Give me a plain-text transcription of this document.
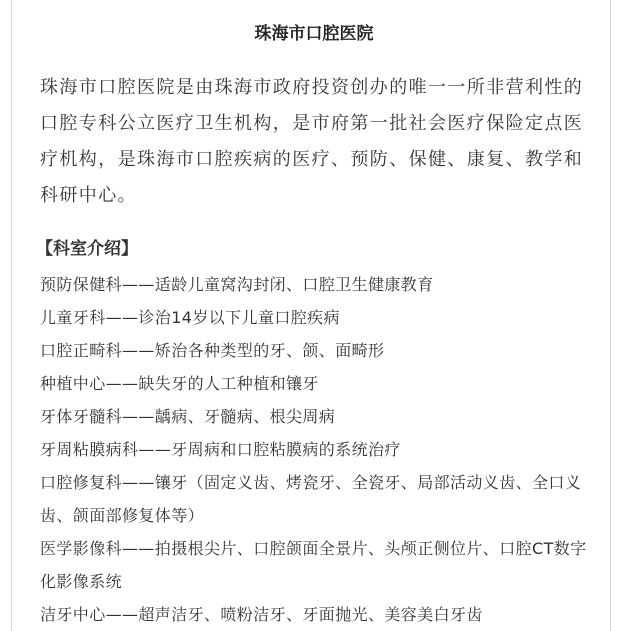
珠海市口腔医院

珠海市口腔医院是由珠海市政府投资创办的唯一一所非营利性的口腔专科公立医疗卫生机构，是市府第一批社会医疗保险定点医疗机构，是珠海市口腔疾病的医疗、预防、保健、康复、教学和科研中心。

【科室介绍】
预防保健科——适龄儿童窝沟封闭、口腔卫生健康教育
儿童牙科——诊治14岁以下儿童口腔疾病
口腔正畸科——矫治各种类型的牙、颌、面畸形
种植中心——缺失牙的人工种植和镶牙
牙体牙髓科——龋病、牙髓病、根尖周病
牙周粘膜病科——牙周病和口腔粘膜病的系统治疗
口腔修复科——镶牙（固定义齿、烤瓷牙、全瓷牙、局部活动义齿、全口义齿、颌面部修复体等）
医学影像科——拍摄根尖片、口腔颌面全景片、头颅正侧位片、口腔CT数字化影像系统
洁牙中心——超声洁牙、喷粉洁牙、牙面抛光、美容美白牙齿
